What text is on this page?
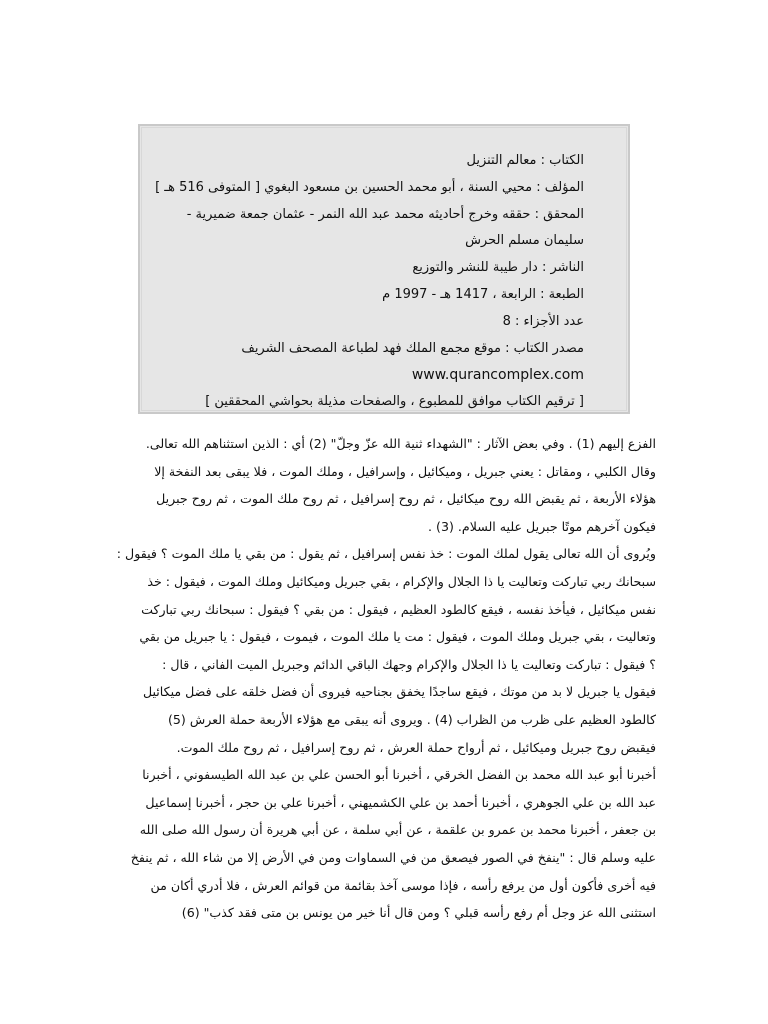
الكتاب : معالم التنزيل
المؤلف : محيي السنة ، أبو محمد الحسين بن مسعود البغوي [ المتوفى 516 هـ ]
المحقق : حققه وخرج أحاديثه محمد عبد الله النمر - عثمان جمعة ضميرية -
سليمان مسلم الحرش
الناشر : دار طيبة للنشر والتوزيع
الطبعة : الرابعة ، 1417 هـ - 1997 م
عدد الأجزاء : 8
مصدر الكتاب : موقع مجمع الملك فهد لطباعة المصحف الشريف
www.qurancomplex.com
[ ترقيم الكتاب موافق للمطبوع ، والصفحات مذيلة بحواشي المحققين ]
الفزع إليهم (1) . وفي بعض الآثار : "الشهداء ثنية الله عزّ وجلّ" (2) أي : الذين استثناهم الله تعالى.
وقال الكلبي ، ومقاتل : يعني جبريل ، وميكائيل ، وإسرافيل ، وملك الموت ، فلا يبقى بعد النفخة إلا
هؤلاء الأربعة ، ثم يقبض الله روح ميكائيل ، ثم روح إسرافيل ، ثم روح ملك الموت ، ثم روح جبريل
فيكون آخرهم موتًا جبريل عليه السلام. (3) .
ويُروى أن الله تعالى يقول لملك الموت : خذ نفس إسرافيل ، ثم يقول : من بقي يا ملك الموت ؟ فيقول :
سبحانك ربي تباركت وتعاليت يا ذا الجلال والإكرام ، بقي جبريل وميكائيل وملك الموت ، فيقول : خذ
نفس ميكائيل ، فيأخذ نفسه ، فيقع كالطود العظيم ، فيقول : من بقي ؟ فيقول : سبحانك ربي تباركت
وتعاليت ، بقي جبريل وملك الموت ، فيقول : مت يا ملك الموت ، فيموت ، فيقول : يا جبريل من بقي
؟ فيقول : تباركت وتعاليت يا ذا الجلال والإكرام وجهك الباقي الدائم وجبريل الميت الفاني ، قال :
فيقول يا جبريل لا بد من موتك ، فيقع ساجدًا يخفق بجناحيه فيروى أن فضل خلقه على فضل ميكائيل
كالطود العظيم على ظرب من الظراب (4) . ويروى أنه يبقى مع هؤلاء الأربعة حملة العرش (5)
فيقبض روح جبريل وميكائيل ، ثم أرواح حملة العرش ، ثم روح إسرافيل ، ثم روح ملك الموت.
أخبرنا أبو عبد الله محمد بن الفضل الخرقي ، أخبرنا أبو الحسن علي بن عبد الله الطيسفوني ، أخبرنا
عبد الله بن علي الجوهري ، أخبرنا أحمد بن علي الكشميهني ، أخبرنا علي بن حجر ، أخبرنا إسماعيل
بن جعفر ، أخبرنا محمد بن عمرو بن علقمة ، عن أبي سلمة ، عن أبي هريرة أن رسول الله صلى الله
عليه وسلم قال : "ينفخ في الصور فيصعق من في السماوات ومن في الأرض إلا من شاء الله ، ثم ينفخ
فيه أخرى فأكون أول من يرفع رأسه ، فإذا موسى آخذ بقائمة من قوائم العرش ، فلا أدري أكان من
استثنى الله عز وجل أم رفع رأسه قبلي ؟ ومن قال أنا خير من يونس بن متى فقد كذب" (6)
